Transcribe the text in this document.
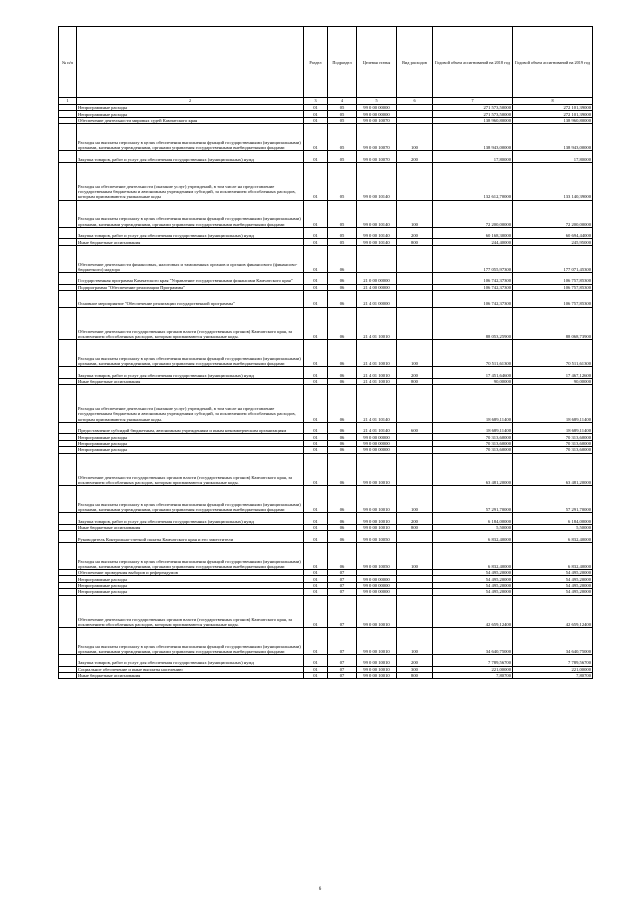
№ п/п		Раздел	Подраздел	Целевая статья	Вид расходов	Годовой объем ассигнований на 2018 год	Годовой объем ассигнований на 2019 год
1	2	3	4	5	6	7	8
	Непрограммные расходы	01	05	99 0 00 00000		271 573,50000	272 101,39000
	Непрограммные расходы	01	05	99 0 00 00000		271 573,50000	272 101,39000
	Обеспечение деятельности мировых судей Камчатского края	01	05	99 0 00 10070		138 960,80000	138 960,80000
	Расходы на выплаты персоналу в целях обеспечения выполнения функций государственными (муниципальными) органами, казенными учреждениями, органами управления государственными внебюджетными фондами	01	05	99 0 00 10070	100	138 943,00000	138 943,00000
	Закупка товаров, работ и услуг для обеспечения государственных (муниципальных) нужд	01	05	99 0 00 10070	200	17,80000	17,80000
	Расходы на обеспечение деятельности (оказание услуг) учреждений, в том числе на предоставление государственным бюджетным и автономным учреждениям субсидий, за исключением обособленных расходов, которым присваиваются уникальные коды	01	05	99 0 00 10140		132 612,70000	133 140,39000
	Расходы на выплаты персоналу в целях обеспечения выполнения функций государственными (муниципальными) органами, казенными учреждениями, органами управления государственными внебюджетными фондами	01	05	99 0 00 10140	100	72 200,00000	72 200,00000
	Закупка товаров, работ и услуг для обеспечения государственных (муниципальных) нужд	01	05	99 0 00 10140	200	60 168,30000	60 694,44000
	Иные бюджетные ассигнования	01	05	99 0 00 10140	800	244,40000	245,95000
	Обеспечение деятельности финансовых, налоговых и таможенных органов и органов финансового (финансово-бюджетного) надзора	01	06			177 055,97300	177 071,45300
	Государственная программа Камчатского края "Управление государственными финансами Камчатского края"	01	06	21 0 00 00000		106 742,37300	106 757,85300
	Подпрограмма "Обеспечение реализации Программы"	01	06	21 4 00 00000		106 742,37300	106 757,85300
	Основное мероприятие "Обеспечение реализации государственной программы"	01	06	21 4 01 00000		106 742,37300	106 757,85300
	Обеспечение деятельности государственных органов власти (государственных органов) Камчатского края, за исключением обособленных расходов, которым присваиваются уникальные коды.	01	06	21 4 01 10010		88 053,25900	88 068,73900
	Расходы на выплаты персоналу в целях обеспечения выполнения функций государственными (муниципальными) органами, казенными учреждениями, органами управления государственными внебюджетными фондами	01	06	21 4 01 10010	100	70 511,61300	70 511,61300
	Закупка товаров, работ и услуг для обеспечения государственных (муниципальных) нужд	01	06	21 4 01 10010	200	17 451,64600	17 467,12600
	Иные бюджетные ассигнования	01	06	21 4 01 10010	800	90,00000	90,00000
	Расходы на обеспечение деятельности (оказание услуг) учреждений, в том числе на предоставление государственным бюджетным и автономным учреждениям субсидий, за исключением обособленных расходов, которым присваиваются уникальные коды.	01	06	21 4 01 10140		18 689,11400	18 689,11400
	Предоставление субсидий бюджетным, автономным учреждениям и иным некоммерческим организациям	01	06	21 4 01 10140	600	18 689,11400	18 689,11400
	Непрограммные расходы	01	06	99 0 00 00000		70 313,60000	70 313,60000
	Непрограммные расходы	01	06	99 0 00 00000		70 313,60000	70 313,60000
	Непрограммные расходы	01	06	99 0 00 00000		70 313,60000	70 313,60000
	Обеспечение деятельности государственных органов власти (государственных органов) Камчатского края, за исключением обособленных расходов, которым присваиваются уникальные коды.	01	06	99 0 00 10010		63 481,20000	63 481,20000
	Расходы на выплаты персоналу в целях обеспечения выполнения функций государственными (муниципальными) органами, казенными учреждениями, органами управления государственными внебюджетными фондами	01	06	99 0 00 10010	100	57 291,70000	57 291,70000
	Закупка товаров, работ и услуг для обеспечения государственных (муниципальных) нужд	01	06	99 0 00 10010	200	6 184,00000	6 184,00000
	Иные бюджетные ассигнования	01	06	99 0 00 10010	800	5,50000	5,50000
	Руководитель Контрольно-счетной палаты Камчатского края и его заместители	01	06	99 0 00 10050		6 832,40000	6 832,40000
	Расходы на выплаты персоналу в целях обеспечения выполнения функций государственными (муниципальными) органами, казенными учреждениями, органами управления государственными внебюджетными фондами	01	06	99 0 00 10050	100	6 832,40000	6 832,40000
	Обеспечение проведения выборов и референдумов	01	07			54 495,20000	54 495,20000
	Непрограммные расходы	01	07	99 0 00 00000		54 495,20000	54 495,20000
	Непрограммные расходы	01	07	99 0 00 00000		54 495,20000	54 495,20000
	Непрограммные расходы	01	07	99 0 00 00000		54 495,20000	54 495,20000
	Обеспечение деятельности государственных органов власти (государственных органов) Камчатского края, за исключением обособленных расходов, которым присваиваются уникальные коды.	01	07	99 0 00 10010		42 659,12400	42 659,12400
	Расходы на выплаты персоналу в целях обеспечения выполнения функций государственными (муниципальными) органами, казенными учреждениями, органами управления государственными внебюджетными фондами	01	07	99 0 00 10010	100	34 640,75000	34 640,75000
	Закупка товаров, работ и услуг для обеспечения государственных (муниципальных) нужд	01	07	99 0 00 10010	200	7 789,56700	7 789,56700
	Социальное обеспечение и иные выплаты населению	01	07	99 0 00 10010	300	221,00000	221,00000
	Иные бюджетные ассигнования	01	07	99 0 00 10010	800	7,80700	7,80700
6
